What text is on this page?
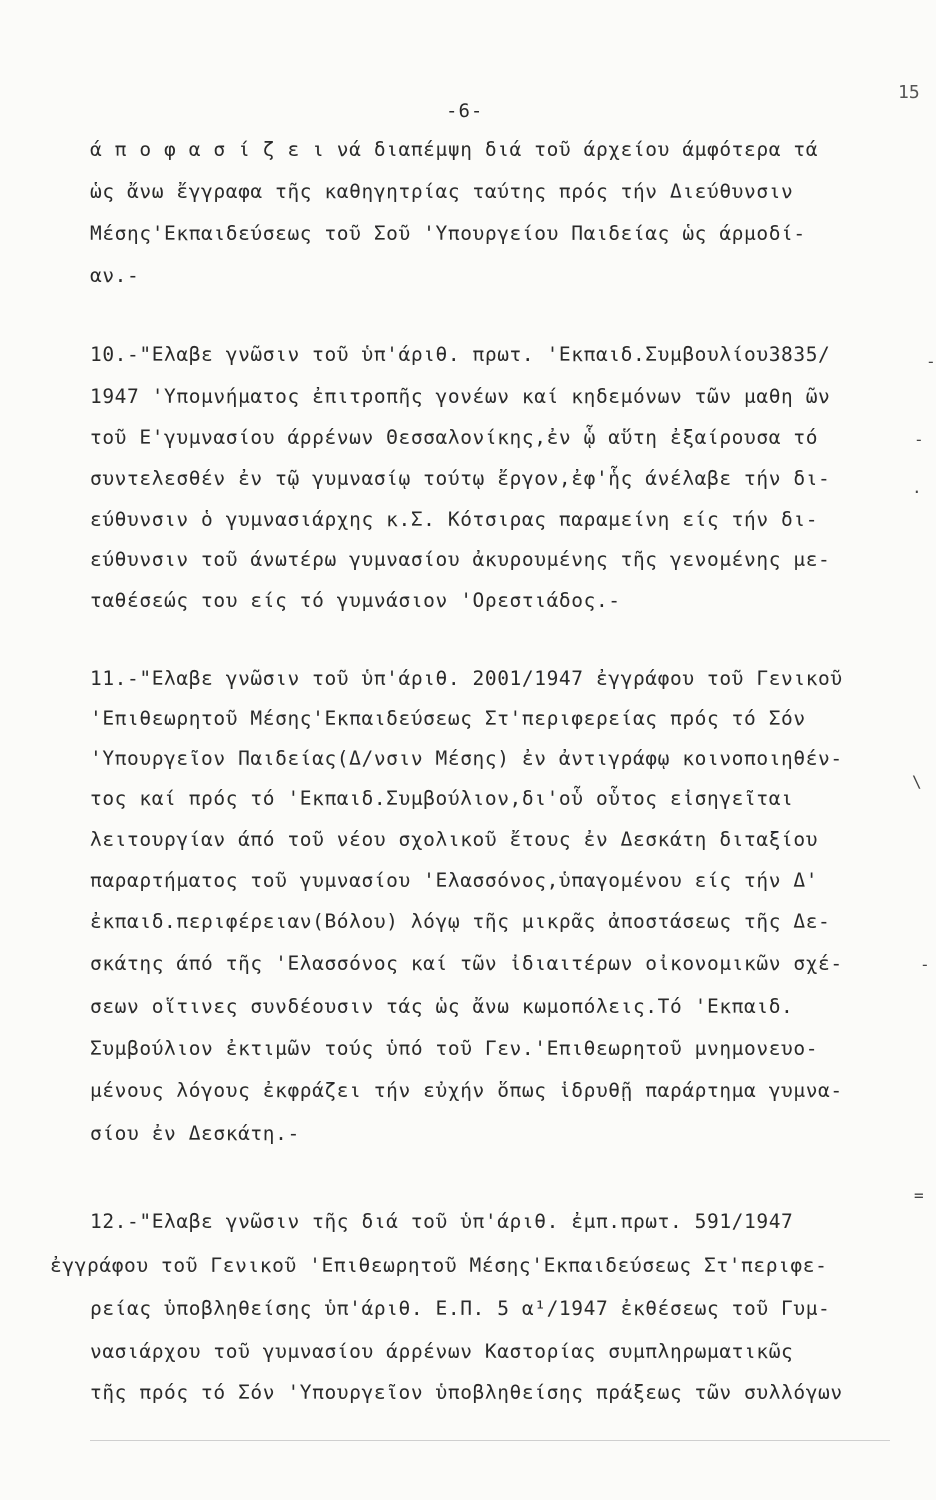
15
-6-
ά π ο φ α σ ί ζ ε ι νά διαπέμψη διά τοῦ άρχείου άμφότερα τά
ὡς ἄνω ἔγγραφα τῆς καθηγητρίας ταύτης πρός τήν Διεύθυνσιν
Μέσης'Εκπαιδεύσεως τοῦ Σοῦ 'Υπουργείου Παιδείας ὡς άρμοδί-
αν.-
10.-"Ελαβε γνῶσιν τοῦ ὑπ'άριθ. πρωτ. 'Εκπαιδ.Συμβουλίου3835/
1947 'Υπομνήματος ἐπιτροπῆς γονέων καί κηδεμόνων τῶν μαθη ῶν
τοῦ Ε'γυμνασίου άρρένων Θεσσαλονίκης,ἐν ᾧ αὕτη ἐξαίρουσα τό
συντελεσθέν ἐν τῷ γυμνασίῳ τούτῳ ἔργον,ἐφ'ἧς άνέλαβε τήν δι-
εύθυνσιν ὁ γυμνασιάρχης κ.Σ. Κότσιρας παραμείνη είς τήν δι-
εύθυνσιν τοῦ άνωτέρω γυμνασίου ἀκυρουμένης τῆς γενομένης με-
ταθέσεώς του είς τό γυμνάσιον 'Ορεστιάδος.-
11.-"Ελαβε γνῶσιν τοῦ ὑπ'άριθ. 2001/1947 ἐγγράφου τοῦ Γενικοῦ
'Επιθεωρητοῦ Μέσης'Εκπαιδεύσεως Στ'περιφερείας πρός τό Σόν
'Υπουργεῖον Παιδείας(Δ/νσιν Μέσης) ἐν ἀντιγράφῳ κοινοποιηθέν-
τος καί πρός τό 'Εκπαιδ.Συμβούλιον,δι'οὗ οὗτος εἰσηγεῖται
λειτουργίαν άπό τοῦ νέου σχολικοῦ ἔτους ἐν Δεσκάτη διταξίου
παραρτήματος τοῦ γυμνασίου 'Ελασσόνος,ὑπαγομένου είς τήν Δ'
ἐκπαιδ.περιφέρειαν(Βόλου) λόγῳ τῆς μικρᾶς ἀποστάσεως τῆς Δε-
σκάτης άπό τῆς 'Ελασσόνος καί τῶν ἰδιαιτέρων οἰκονομικῶν σχέ-
σεων οἵτινες συνδέουσιν τάς ὡς ἄνω κωμοπόλεις.Τό 'Εκπαιδ.
Συμβούλιον ἐκτιμῶν τούς ὑπό τοῦ Γεν.'Επιθεωρητοῦ μνημονευο-
μένους λόγους ἐκφράζει τήν εὐχήν ὅπως ἱδρυθῇ παράρτημα γυμνα-
σίου ἐν Δεσκάτη.-
12.-"Ελαβε γνῶσιν τῆς διά τοῦ ὑπ'άριθ. ἐμπ.πρωτ. 591/1947
ἐγγράφου τοῦ Γενικοῦ 'Επιθεωρητοῦ Μέσης'Εκπαιδεύσεως Στ'περιφε-
ρείας ὑποβληθείσης ὑπ'άριθ. Ε.Π. 5 α¹/1947 ἐκθέσεως τοῦ Γυμ-
νασιάρχου τοῦ γυμνασίου άρρένων Καστορίας συμπληρωματικῶς
τῆς πρός τό Σόν 'Υπουργεῖον ὑποβληθείσης πράξεως τῶν συλλόγων
-
-
.
\
-
=
